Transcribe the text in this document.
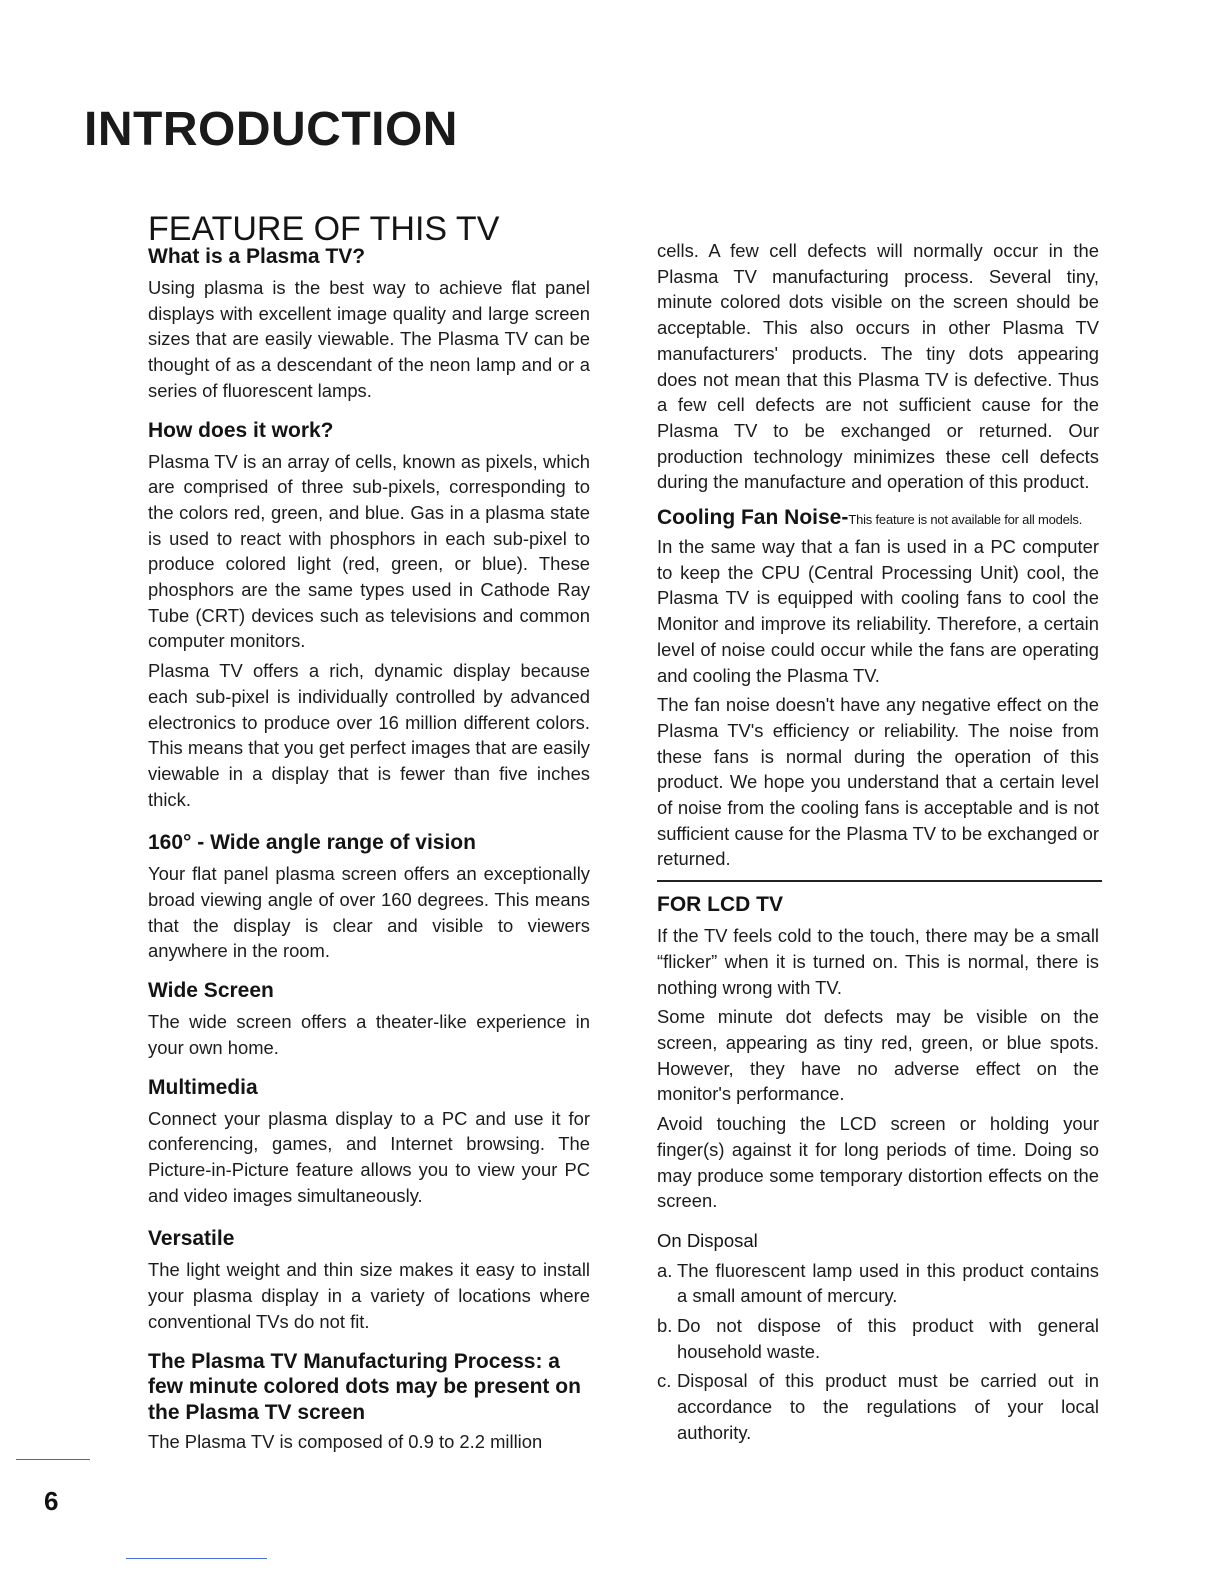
INTRODUCTION
FEATURE OF THIS TV
What is a Plasma TV?

Using plasma is the best way to achieve flat panel displays with excellent image quality and large screen sizes that are easily viewable. The Plasma TV can be thought of as a descendant of the neon lamp and or a series of fluorescent lamps.

How does it work?

Plasma TV is an array of cells, known as pixels, which are comprised of three sub-pixels, corresponding to the colors red, green, and blue. Gas in a plasma state is used to react with phosphors in each sub-pixel to produce colored light (red, green, or blue). These phosphors are the same types used in Cathode Ray Tube (CRT) devices such as televisions and common computer monitors.

Plasma TV offers a rich, dynamic display because each sub-pixel is individually controlled by advanced electronics to produce over 16 million different colors. This means that you get perfect images that are easily viewable in a display that is fewer than five inches thick.

160° - Wide angle range of vision

Your flat panel plasma screen offers an exceptionally broad viewing angle of over 160 degrees. This means that the display is clear and visible to viewers anywhere in the room.

Wide Screen

The wide screen offers a theater-like experience in your own home.

Multimedia

Connect your plasma display to a PC and use it for conferencing, games, and Internet browsing. The Picture-in-Picture feature allows you to view your PC and video images simultaneously.

Versatile

The light weight and thin size makes it easy to install your plasma display in a variety of locations where conventional TVs do not fit.

The Plasma TV Manufacturing Process: a few minute colored dots may be present on the Plasma TV screen

The Plasma TV is composed of 0.9 to 2.2 million

cells. A few cell defects will normally occur in the Plasma TV manufacturing process. Several tiny, minute colored dots visible on the screen should be acceptable. This also occurs in other Plasma TV manufacturers' products. The tiny dots appearing does not mean that this Plasma TV is defective. Thus a few cell defects are not sufficient cause for the Plasma TV to be exchanged or returned. Our production technology minimizes these cell defects during the manufacture and operation of this product.

Cooling Fan Noise-This feature is not available for all models.

In the same way that a fan is used in a PC computer to keep the CPU (Central Processing Unit) cool, the Plasma TV is equipped with cooling fans to cool the Monitor and improve its reliability. Therefore, a certain level of noise could occur while the fans are operating and cooling the Plasma TV.

The fan noise doesn't have any negative effect on the Plasma TV's efficiency or reliability. The noise from these fans is normal during the operation of this product. We hope you understand that a certain level of noise from the cooling fans is acceptable and is not sufficient cause for the Plasma TV to be exchanged or returned.

FOR LCD TV

If the TV feels cold to the touch, there may be a small “flicker” when it is turned on. This is normal, there is nothing wrong with TV.

Some minute dot defects may be visible on the screen, appearing as tiny red, green, or blue spots. However, they have no adverse effect on the monitor's performance.

Avoid touching the LCD screen or holding your finger(s) against it for long periods of time. Doing so may produce some temporary distortion effects on the screen.

On Disposal
a. The fluorescent lamp used in this product contains a small amount of mercury.
b. Do not dispose of this product with general household waste.
c. Disposal of this product must be carried out in accordance to the regulations of your local authority.
6
